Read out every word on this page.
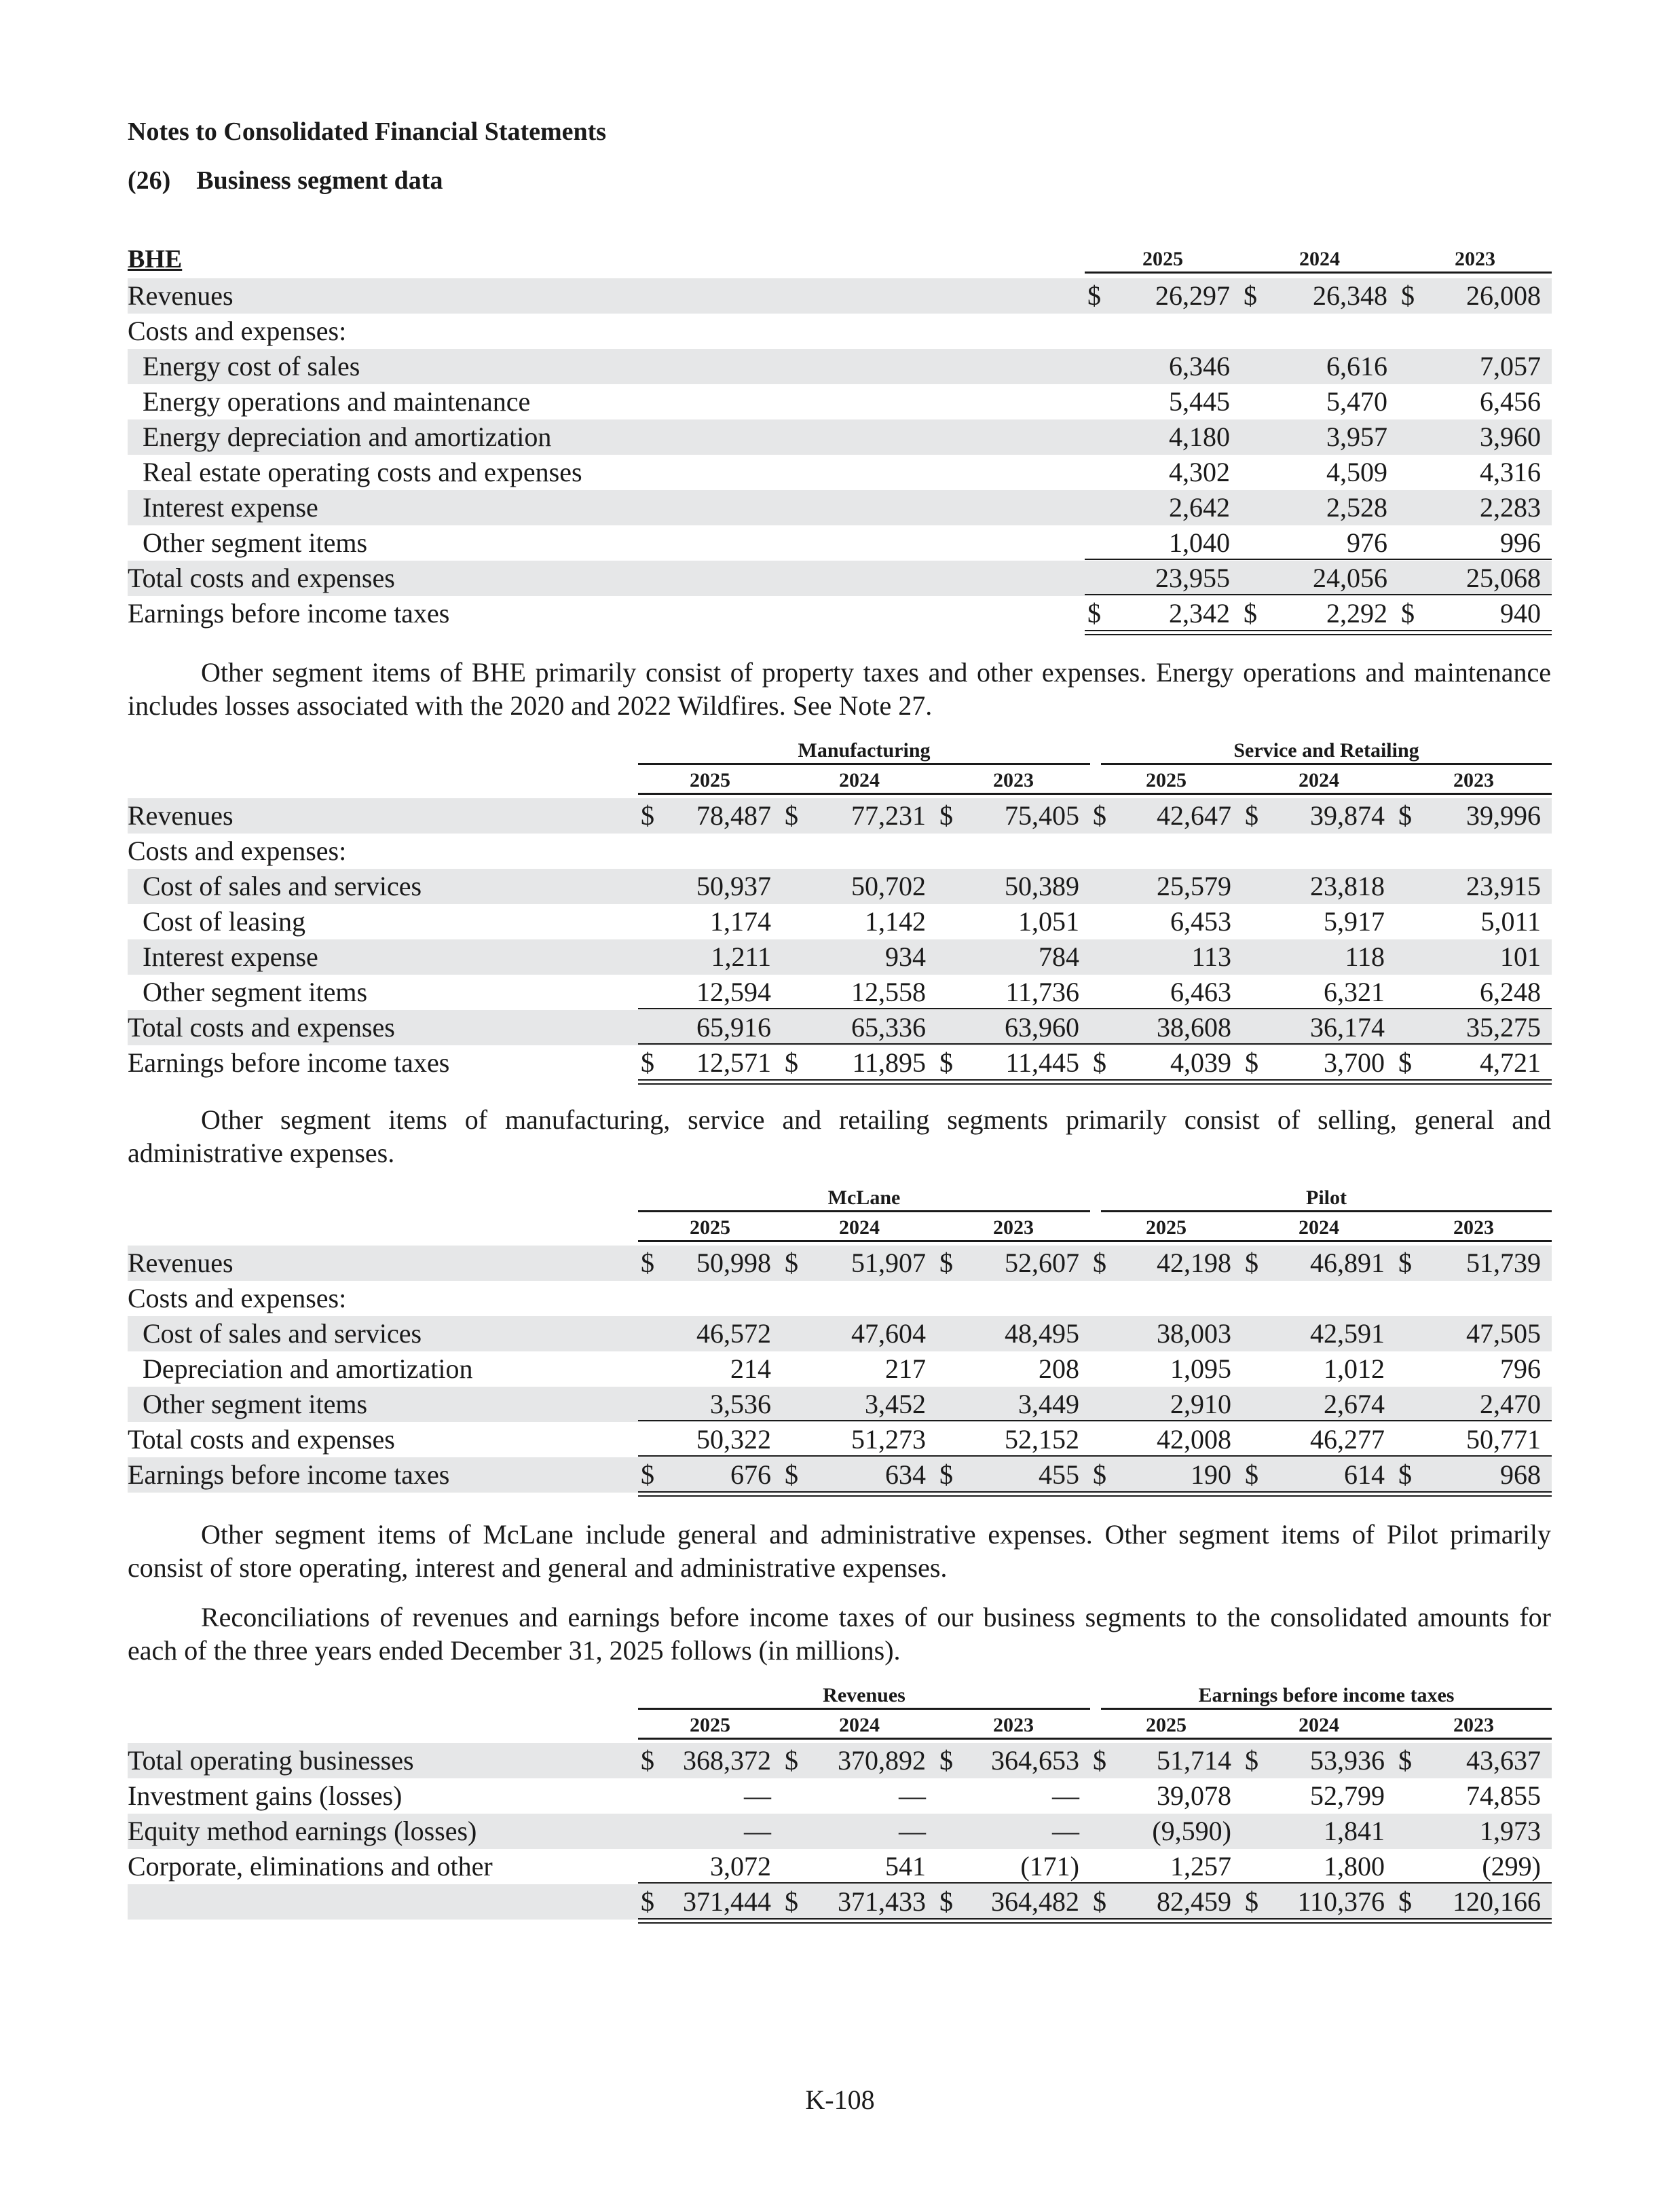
Notes to Consolidated Financial Statements
(26)    Business segment data
2025	2024	2023
Revenues	$	26,297 $	26,348 $	26,008
Costs and expenses:
Energy cost of sales	6,346	6,616	7,057
Energy operations and maintenance	5,445	5,470	6,456
Energy depreciation and amortization	4,180	3,957	3,960
Real estate operating costs and expenses	4,302	4,509	4,316
Interest expense	2,642	2,528	2,283
Other segment items	1,040	976	996
Total costs and expenses	23,955	24,056	25,068
Earnings before income taxes	$	2,342 $	2,292 $	940
BHE

Other segment items of BHE primarily consist of property taxes and other expenses. Energy operations and maintenance includes losses associated with the 2020 and 2022 Wildfires. See Note 27.

2025	2024	2023	2025	2024	2023
Manufacturing	Service and Retailing
Revenues	$	78,487 $	77,231 $	75,405 $	42,647 $	39,874 $	39,996
Costs and expenses:
Cost of sales and services	50,937	50,702	50,389	25,579	23,818	23,915
Cost of leasing	1,174	1,142	1,051	6,453	5,917	5,011
Interest expense	1,211	934	784	113	118	101
Other segment items	12,594	12,558	11,736	6,463	6,321	6,248
Total costs and expenses	65,916	65,336	63,960	38,608	36,174	35,275
Earnings before income taxes	$	12,571 $	11,895 $	11,445 $	4,039 $	3,700 $	4,721

Other segment items of manufacturing, service and retailing segments primarily consist of selling, general and administrative expenses.

2025	2024	2023	2025	2024	2023
McLane	Pilot
Revenues	$	50,998 $	51,907 $	52,607 $	42,198 $	46,891 $	51,739
Costs and expenses:
Cost of sales and services	46,572	47,604	48,495	38,003	42,591	47,505
Depreciation and amortization	214	217	208	1,095	1,012	796
Other segment items	3,536	3,452	3,449	2,910	2,674	2,470
Total costs and expenses	50,322	51,273	52,152	42,008	46,277	50,771
Earnings before income taxes	$	676 $	634 $	455 $	190 $	614 $	968

Other segment items of McLane include general and administrative expenses. Other segment items of Pilot primarily consist of store operating, interest and general and administrative expenses.

Reconciliations of revenues and earnings before income taxes of our business segments to the consolidated amounts for each of the three years ended December 31, 2025 follows (in millions).

2025	2024	2023	2025	2024	2023
Revenues	Earnings before income taxes
Total operating businesses	$	368,372 $	370,892 $	364,653 $	51,714 $	53,936 $	43,637
Investment gains (losses)	—	—	—	39,078	52,799	74,855
Equity method earnings (losses)	—	—	—	(9,590)	1,841	1,973
Corporate, eliminations and other	3,072	541	(171)	1,257	1,800	(299)
$	371,444 $	371,433 $	364,482 $	82,459 $	110,376 $	120,166
K-108
